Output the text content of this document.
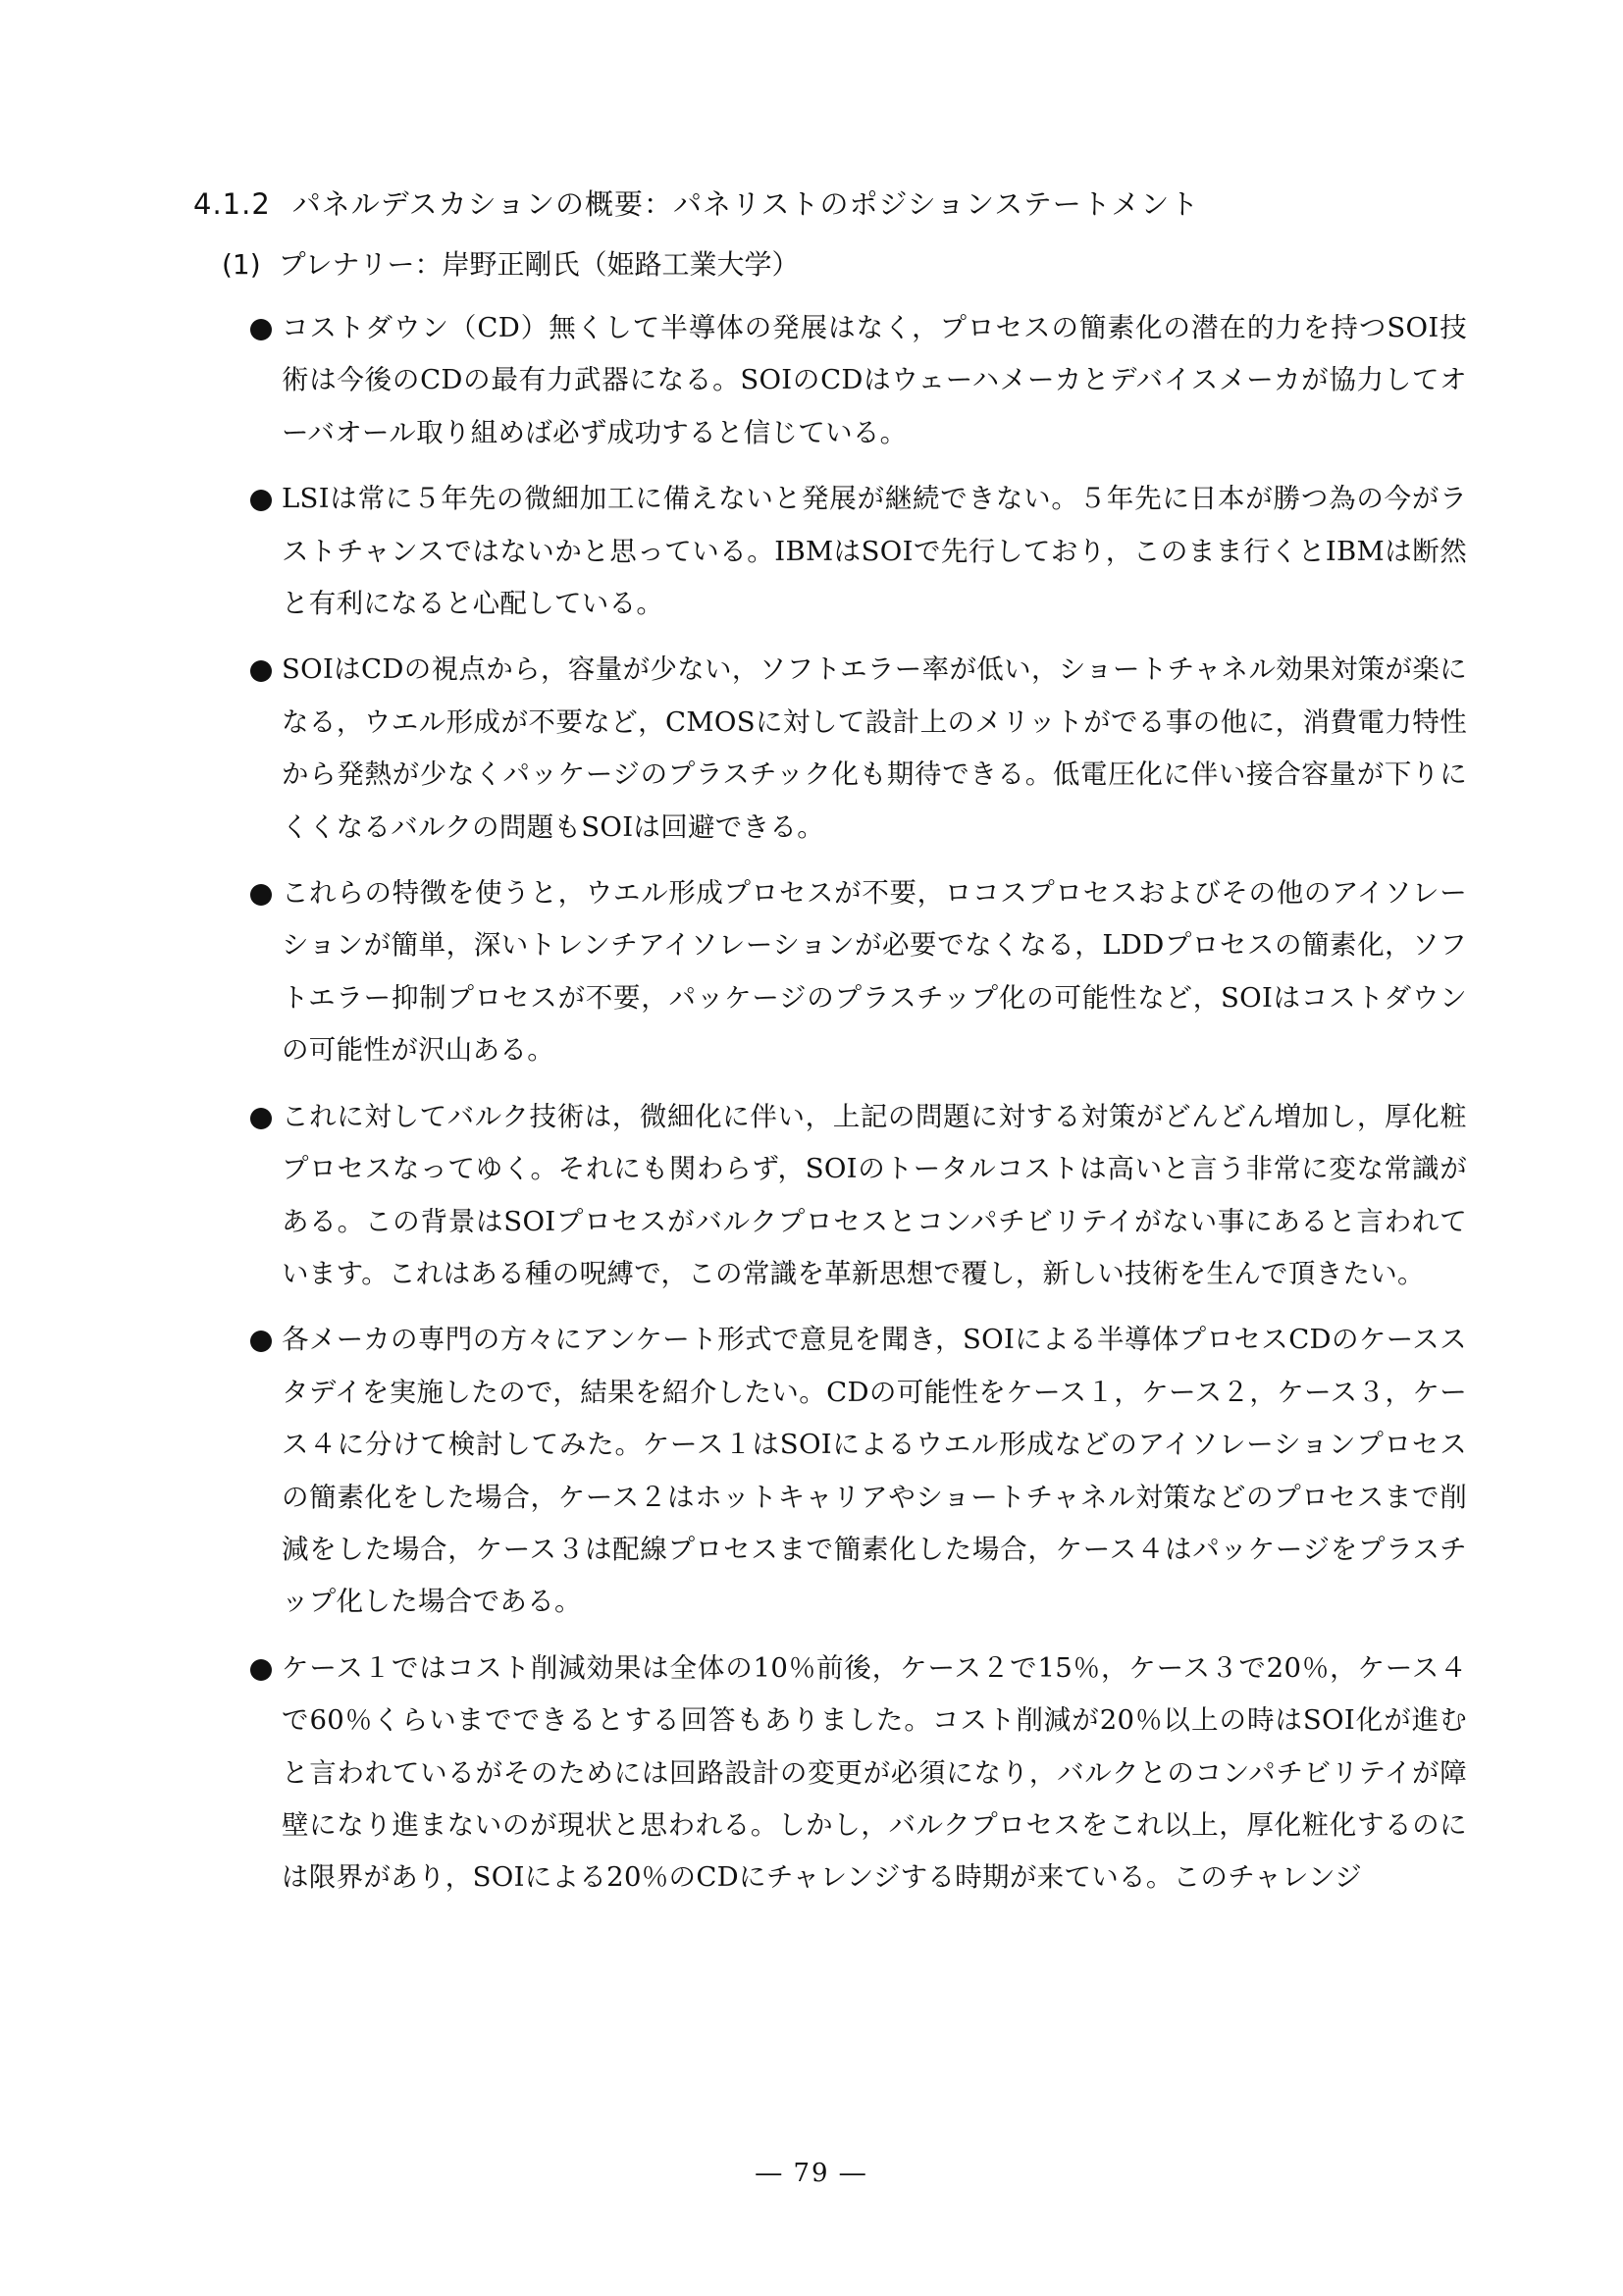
4.1.2 パネルデスカションの概要：パネリストのポジションステートメント
(1) プレナリー：岸野正剛氏（姫路工業大学）
コストダウン（CD）無くして半導体の発展はなく，プロセスの簡素化の潜在的力を持つSOI技術は今後のCDの最有力武器になる。SOIのCDはウェーハメーカとデバイスメーカが協力してオーバオール取り組めば必ず成功すると信じている。
LSIは常に５年先の微細加工に備えないと発展が継続できない。５年先に日本が勝つ為の今がラストチャンスではないかと思っている。IBMはSOIで先行しており，このまま行くとIBMは断然と有利になると心配している。
SOIはCDの視点から，容量が少ない，ソフトエラー率が低い，ショートチャネル効果対策が楽になる，ウエル形成が不要など，CMOSに対して設計上のメリットがでる事の他に，消費電力特性から発熱が少なくパッケージのプラスチック化も期待できる。低電圧化に伴い接合容量が下りにくくなるバルクの問題もSOIは回避できる。
これらの特徴を使うと，ウエル形成プロセスが不要，ロコスプロセスおよびその他のアイソレーションが簡単，深いトレンチアイソレーションが必要でなくなる，LDDプロセスの簡素化，ソフトエラー抑制プロセスが不要，パッケージのプラスチップ化の可能性など，SOIはコストダウンの可能性が沢山ある。
これに対してバルク技術は，微細化に伴い，上記の問題に対する対策がどんどん増加し，厚化粧プロセスなってゆく。それにも関わらず，SOIのトータルコストは高いと言う非常に変な常識がある。この背景はSOIプロセスがバルクプロセスとコンパチビリテイがない事にあると言われています。これはある種の呪縛で，この常識を革新思想で覆し，新しい技術を生んで頂きたい。
各メーカの専門の方々にアンケート形式で意見を聞き，SOIによる半導体プロセスCDのケーススタデイを実施したので，結果を紹介したい。CDの可能性をケース１，ケース２，ケース３，ケース４に分けて検討してみた。ケース１はSOIによるウエル形成などのアイソレーションプロセスの簡素化をした場合，ケース２はホットキャリアやショートチャネル対策などのプロセスまで削減をした場合，ケース３は配線プロセスまで簡素化した場合，ケース４はパッケージをプラスチップ化した場合である。
ケース１ではコスト削減効果は全体の10％前後，ケース２で15％，ケース３で20％，ケース４で60％くらいまでできるとする回答もありました。コスト削減が20％以上の時はSOI化が進むと言われているがそのためには回路設計の変更が必須になり，バルクとのコンパチビリテイが障壁になり進まないのが現状と思われる。しかし，バルクプロセスをこれ以上，厚化粧化するのには限界があり，SOIによる20％のCDにチャレンジする時期が来ている。このチャレンジ
― 79 ―
